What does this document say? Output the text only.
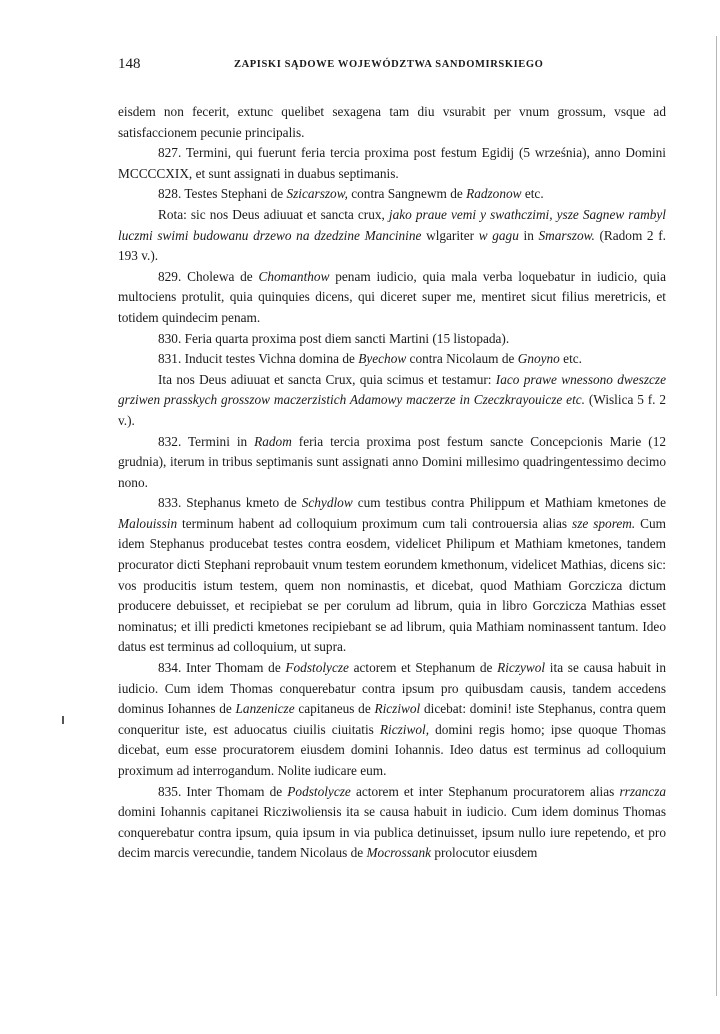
148	ZAPISKI SĄDOWE WOJEWÓDZTWA SANDOMIRSKIEGO

eisdem non fecerit, extunc quelibet sexagena tam diu vsurabit per vnum grossum, vsque ad satisfaccionem pecunie principalis.

827. Termini, qui fuerunt feria tercia proxima post festum Egidij (5 września), anno Domini MCCCCXIX, et sunt assignati in duabus septimanis.

828. Testes Stephani de Szicarszow, contra Sangnewm de Radzonow etc.

Rota: sic nos Deus adiuuat et sancta crux, jako praue vemi y swathczimi, ysze Sagnew rambyl luczmi swimi budowanu drzewo na dzedzine Mancinine wlgariter w gagu in Smarszow. (Radom 2 f. 193 v.).

829. Cholewa de Chomanthow penam iudicio, quia mala verba loquebatur in iudicio, quia multociens protulit, quia quinquies dicens, qui diceret super me, mentiret sicut filius meretricis, et totidem quindecim penam.

830. Feria quarta proxima post diem sancti Martini (15 listopada).

831. Inducit testes Vichna domina de Byechow contra Nicolaum de Gnoyno etc.

Ita nos Deus adiuuat et sancta Crux, quia scimus et testamur: Iaco prawe wnessono dweszcze grziwen prasskych grosszow maczerzistich Adamowy maczerze in Czeczkrayouicze etc. (Wislica 5 f. 2 v.).

832. Termini in Radom feria tercia proxima post festum sancte Concepcionis Marie (12 grudnia), iterum in tribus septimanis sunt assignati anno Domini millesimo quadringentessimo decimo nono.

833. Stephanus kmeto de Schydlow cum testibus contra Philippum et Mathiam kmetones de Malouissin terminum habent ad colloquium proximum cum tali controuersia alias sze sporem. Cum idem Stephanus producebat testes contra eosdem, videlicet Philipum et Mathiam kmetones, tandem procurator dicti Stephani reprobauit vnum testem eorundem kmethonum, videlicet Mathias, dicens sic: vos producitis istum testem, quem non nominastis, et dicebat, quod Mathiam Gorczicza dictum producere debuisset, et recipiebat se per corulum ad librum, quia in libro Gorczicza Mathias esset nominatus; et illi predicti kmetones recipiebant se ad librum, quia Mathiam nominassent tantum. Ideo datus est terminus ad colloquium, ut supra.

834. Inter Thomam de Fodstolycze actorem et Stephanum de Riczywol ita se causa habuit in iudicio. Cum idem Thomas conquerebatur contra ipsum pro quibusdam causis, tandem accedens dominus Iohannes de Lanzenicze capitaneus de Ricziwol dicebat: domini! iste Stephanus, contra quem conqueritur iste, est aduocatus ciuilis ciuitatis Ricziwol, domini regis homo; ipse quoque Thomas dicebat, eum esse procuratorem eiusdem domini Iohannis. Ideo datus est terminus ad colloquium proximum ad interrogandum. Nolite iudicare eum.

835. Inter Thomam de Podstolycze actorem et inter Stephanum procuratorem alias rrzancza domini Iohannis capitanei Ricziwoliensis ita se causa habuit in iudicio. Cum idem dominus Thomas conquerebatur contra ipsum, quia ipsum in via publica detinuisset, ipsum nullo iure repetendo, et pro decim marcis verecundie, tandem Nicolaus de Mocrossank prolocutor eiusdem
